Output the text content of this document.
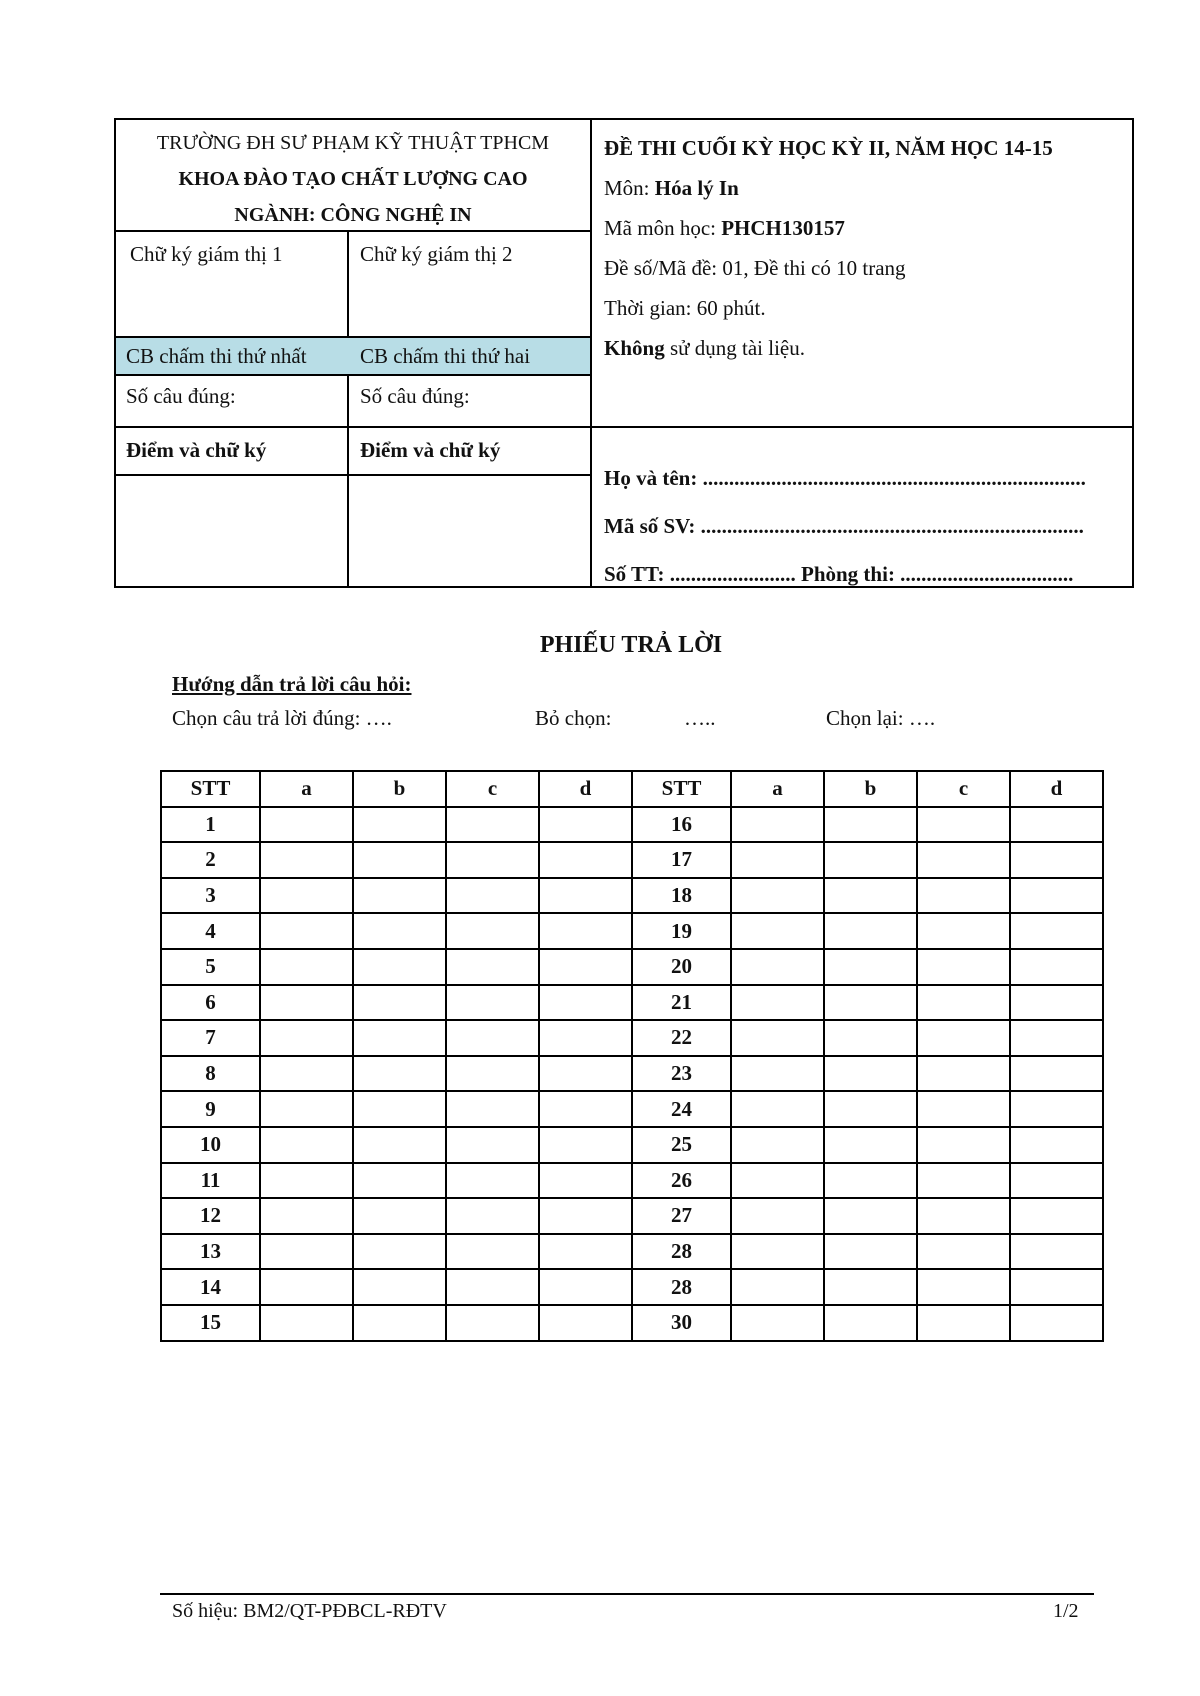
TRƯỜNG ĐH SƯ PHẠM KỸ THUẬT TPHCM
KHOA ĐÀO TẠO CHẤT LƯỢNG CAO
NGÀNH: CÔNG NGHỆ IN
Chữ ký giám thị 1	Chữ ký giám thị 2
CB chấm thi thứ nhất	CB chấm thi thứ hai
Số câu đúng:	Số câu đúng:
Điểm và chữ ký	Điểm và chữ ký
ĐỀ THI CUỐI KỲ HỌC KỲ II, NĂM HỌC 14-15
Môn: Hóa lý In
Mã môn học: PHCH130157
Đề số/Mã đề: 01, Đề thi có 10 trang
Thời gian: 60 phút.
Không sử dụng tài liệu.
Họ và tên: .........................................................................
Mã số SV: .........................................................................
Số TT: ........................ Phòng thi: .................................
PHIẾU TRẢ LỜI
Hướng dẫn trả lời câu hỏi:
Chọn câu trả lời đúng: ….	Bỏ chọn:	…..	Chọn lại: ….
STT	a	b	c	d	STT	a	b	c	d
1					16				
2					17				
3					18				
4					19				
5					20				
6					21				
7					22				
8					23				
9					24				
10					25				
11					26				
12					27				
13					28				
14					28				
15					30				
Số hiệu: BM2/QT-PĐBCL-RĐTV	1/2
